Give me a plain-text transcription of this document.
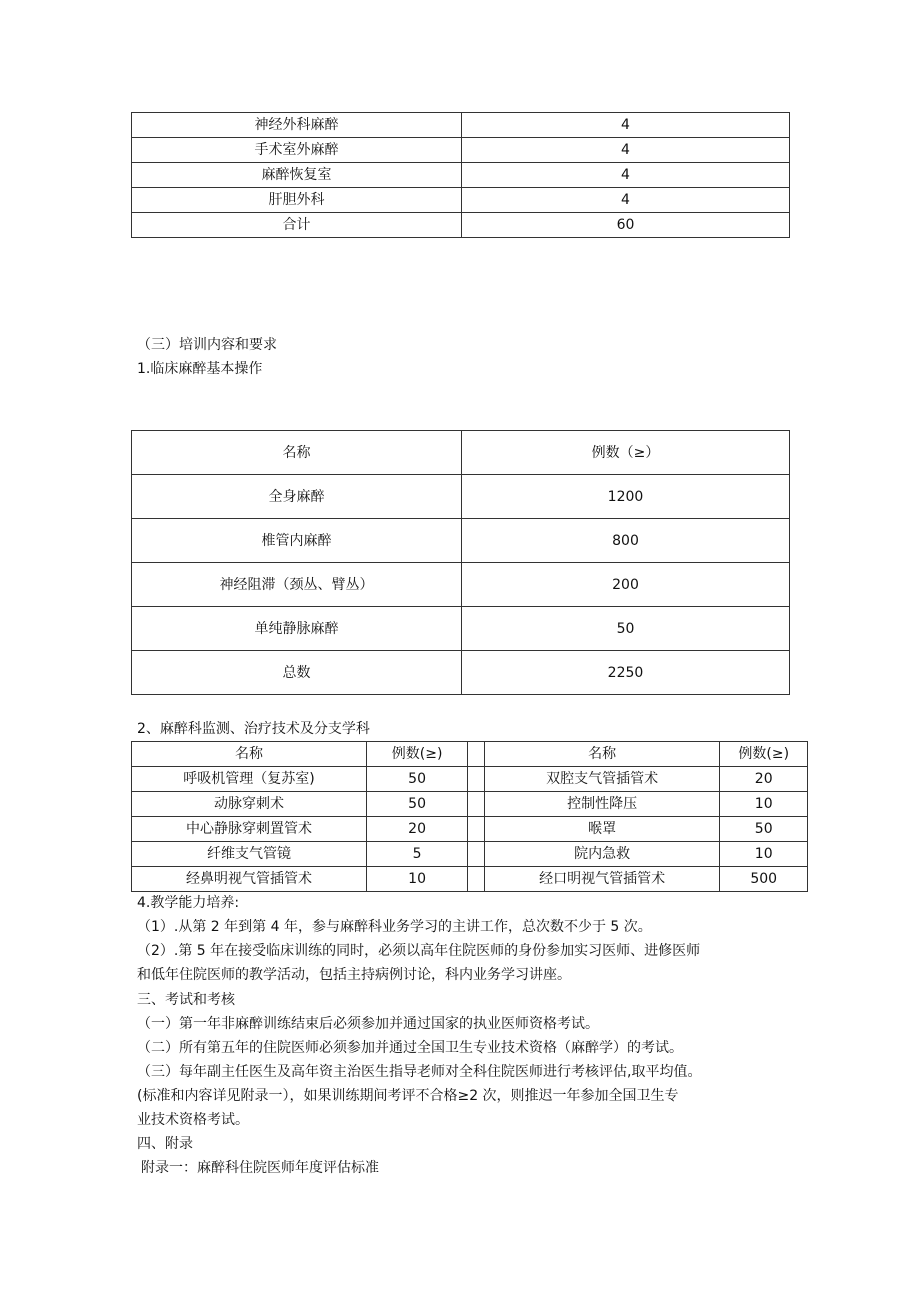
神经外科麻醉	4
手术室外麻醉	4
麻醉恢复室	4
肝胆外科	4
合计	60
（三）培训内容和要求
1.临床麻醉基本操作
名称	例数（≥）
全身麻醉	1200
椎管内麻醉	800
神经阻滞（颈丛、臂丛）	200
单纯静脉麻醉	50
总数	2250
2、麻醉科监测、治疗技术及分支学科
名称	例数(≥)		名称	例数(≥)
呼吸机管理（复苏室)	50		双腔支气管插管术	20
动脉穿刺术	50		控制性降压	10
中心静脉穿刺置管术	20		喉罩	50
纤维支气管镜	5		院内急救	10
经鼻明视气管插管术	10		经口明视气管插管术	500
4.教学能力培养:
（1）.从第 2 年到第 4 年，参与麻醉科业务学习的主讲工作，总次数不少于 5 次。
（2）.第 5 年在接受临床训练的同时，必须以高年住院医师的身份参加实习医师、进修医师
和低年住院医师的教学活动，包括主持病例讨论，科内业务学习讲座。
三、考试和考核
（一）第一年非麻醉训练结束后必须参加并通过国家的执业医师资格考试。
（二）所有第五年的住院医师必须参加并通过全国卫生专业技术资格（麻醉学）的考试。
（三）每年副主任医生及高年资主治医生指导老师对全科住院医师进行考核评估,取平均值。
(标准和内容详见附录一），如果训练期间考评不合格≥2 次，则推迟一年参加全国卫生专
业技术资格考试。
四、附录
附录一：麻醉科住院医师年度评估标准
